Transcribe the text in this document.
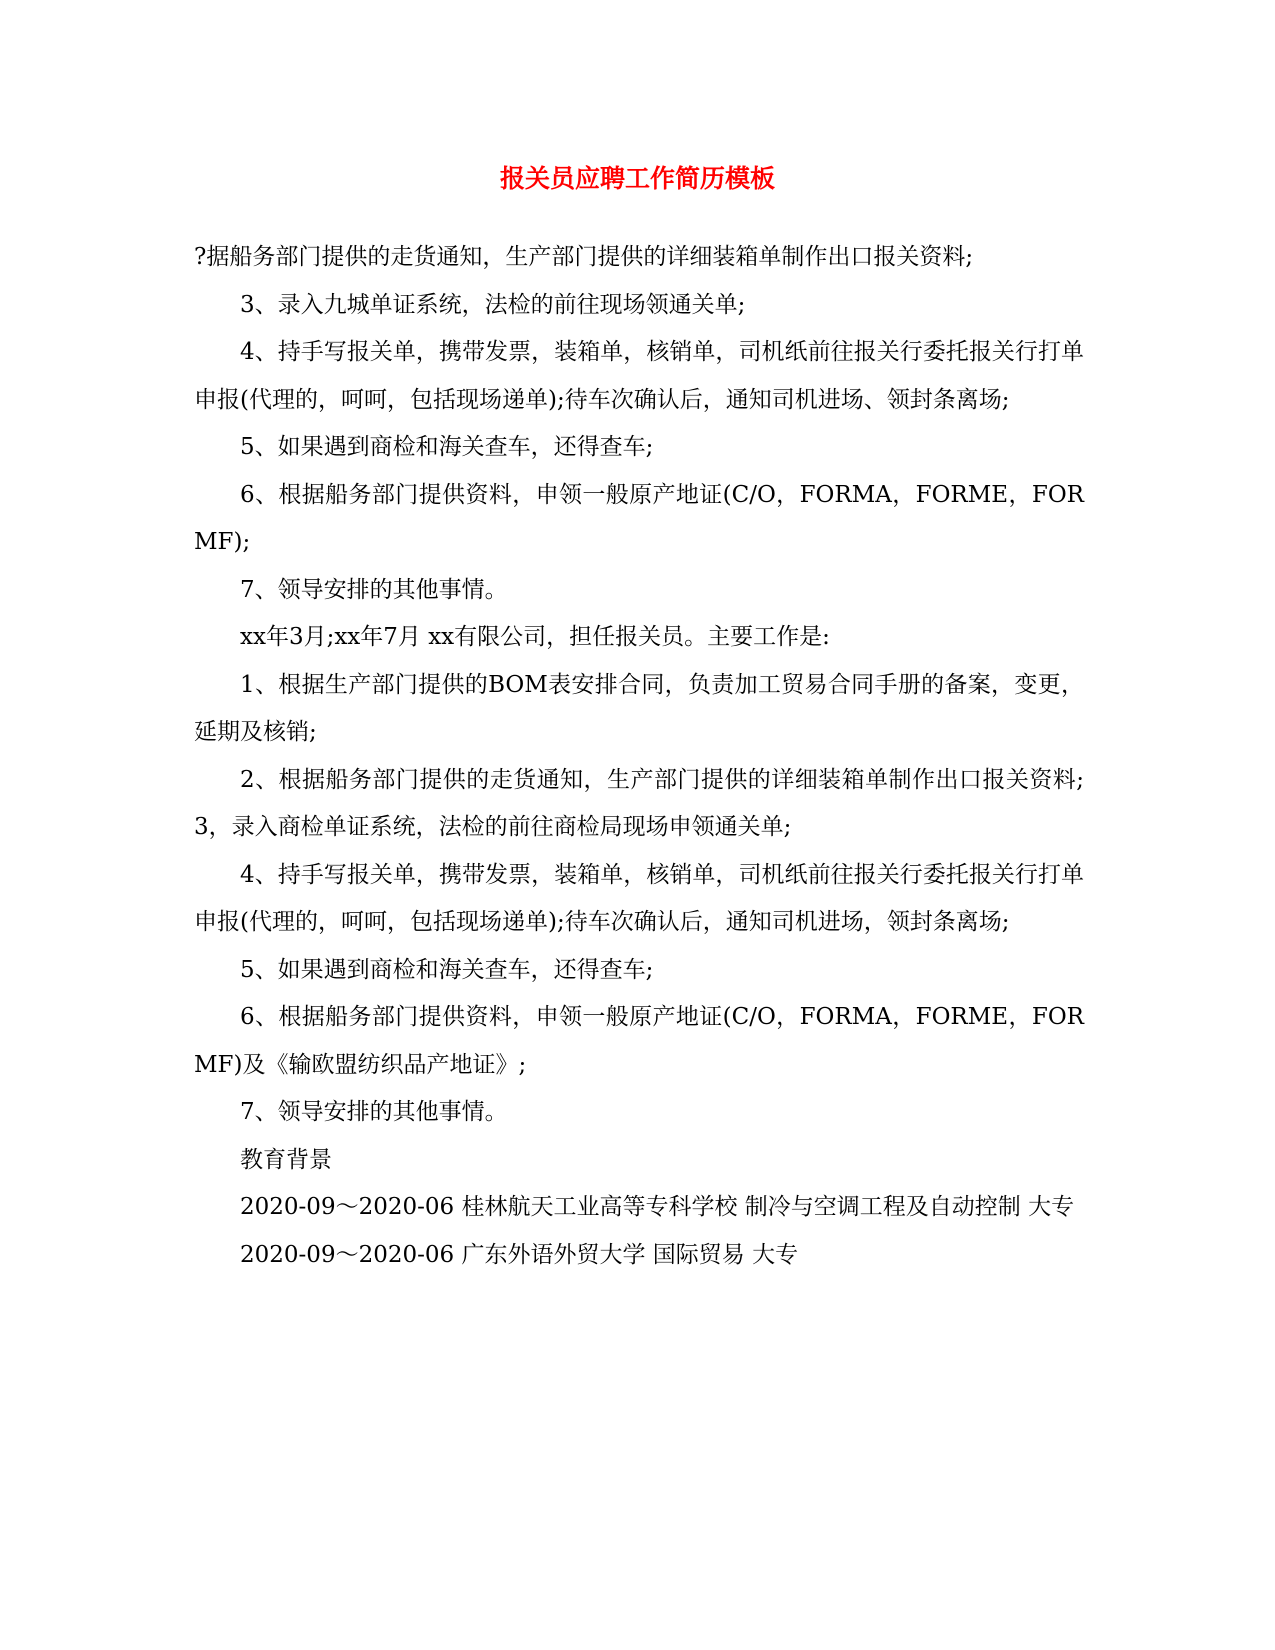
报关员应聘工作简历模板

?据船务部门提供的走货通知，生产部门提供的详细装箱单制作出口报关资料;

3、录入九城单证系统，法检的前往现场领通关单;

4、持手写报关单，携带发票，装箱单，核销单，司机纸前往报关行委托报关行打单申报(代理的，呵呵，包括现场递单);待车次确认后，通知司机进场、领封条离场;

5、如果遇到商检和海关查车，还得查车;

6、根据船务部门提供资料，申领一般原产地证(C/O，FORMA，FORME，FORMF);

7、领导安排的其他事情。

xx年3月;xx年7月 xx有限公司，担任报关员。主要工作是:

1、根据生产部门提供的BOM表安排合同，负责加工贸易合同手册的备案，变更，延期及核销;

2、根据船务部门提供的走货通知，生产部门提供的详细装箱单制作出口报关资料;3，录入商检单证系统，法检的前往商检局现场申领通关单;

4、持手写报关单，携带发票，装箱单，核销单，司机纸前往报关行委托报关行打单申报(代理的，呵呵，包括现场递单);待车次确认后，通知司机进场，领封条离场;

5、如果遇到商检和海关查车，还得查车;

6、根据船务部门提供资料，申领一般原产地证(C/O，FORMA，FORME，FORMF)及《输欧盟纺织品产地证》;

7、领导安排的其他事情。

教育背景

2020-09～2020-06 桂林航天工业高等专科学校 制冷与空调工程及自动控制 大专

2020-09～2020-06 广东外语外贸大学 国际贸易 大专
